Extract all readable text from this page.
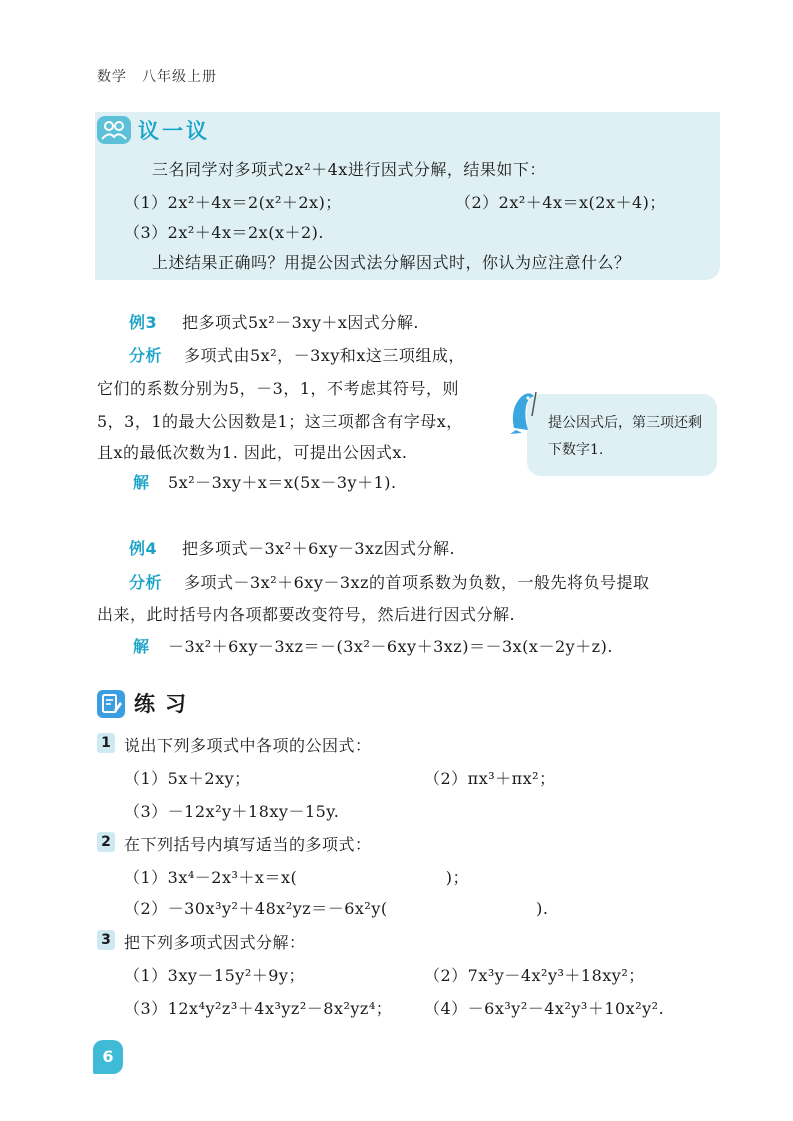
数学　八年级上册
议一议
三名同学对多项式2x²＋4x进行因式分解，结果如下：
（1）2x²＋4x＝2(x²＋2x)；	（2）2x²＋4x＝x(2x＋4)；
（3）2x²＋4x＝2x(x＋2).
上述结果正确吗？用提公因式法分解因式时，你认为应注意什么？
例3 把多项式5x²－3xy＋x因式分解.
分析 多项式由5x²，－3xy和x这三项组成，
它们的系数分别为5，－3，1，不考虑其符号，则
5，3，1的最大公因数是1；这三项都含有字母x，
且x的最低次数为1. 因此，可提出公因式x.
解 5x²－3xy＋x＝x(5x－3y＋1).
提公因式后，第三项还剩下数字1.
例4 把多项式－3x²＋6xy－3xz因式分解.
分析 多项式－3x²＋6xy－3xz的首项系数为负数，一般先将负号提取
出来，此时括号内各项都要改变符号，然后进行因式分解.
解 －3x²＋6xy－3xz＝－(3x²－6xy＋3xz)＝－3x(x－2y＋z).
练习
1 说出下列多项式中各项的公因式：
（1）5x＋2xy；	（2）πx³＋πx²；
（3）－12x²y＋18xy－15y.
2 在下列括号内填写适当的多项式：
（1）3x⁴－2x³＋x＝x(　　　　　　　　　)；
（2）－30x³y²＋48x²yz＝－6x²y(　　　　　　　　　).
3 把下列多项式因式分解：
（1）3xy－15y²＋9y；	（2）7x³y－4x²y³＋18xy²；
（3）12x⁴y²z³＋4x³yz²－8x²yz⁴； （4）－6x³y²－4x²y³＋10x²y².
6
